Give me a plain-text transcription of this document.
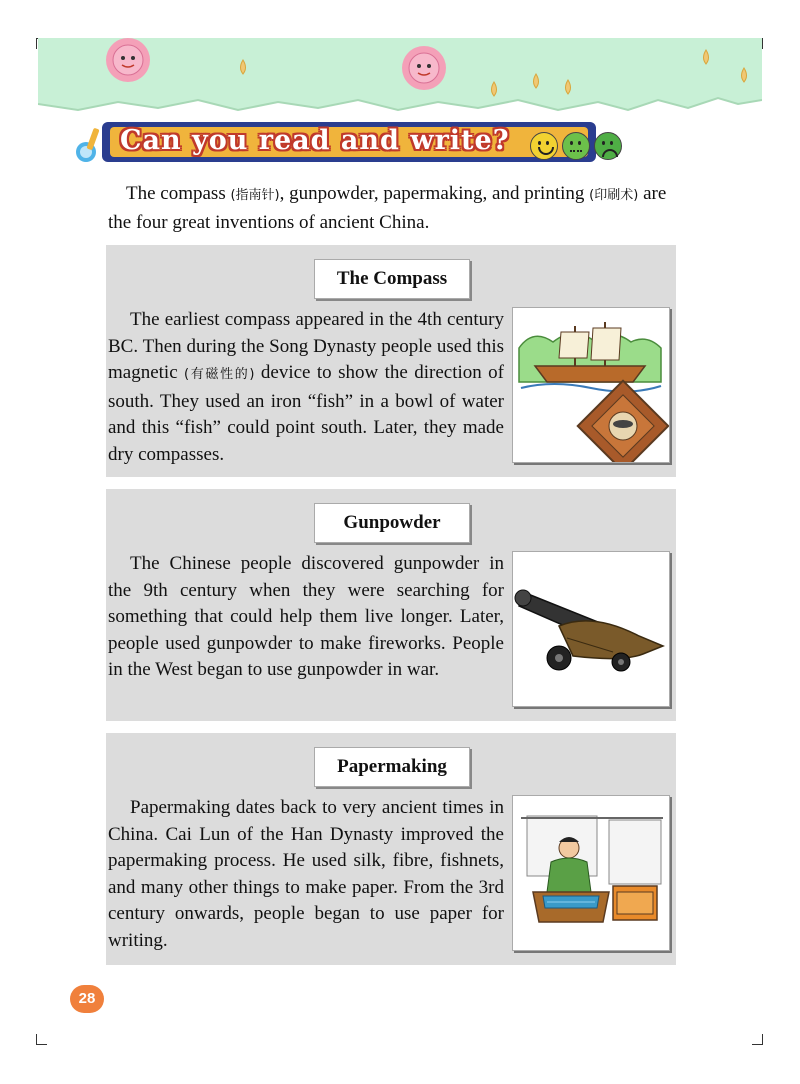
Can you read and write?

The compass (指南针), gunpowder, papermaking, and printing (印刷术) are the four great inventions of ancient China.

The Compass

The earliest compass appeared in the 4th century BC. Then during the Song Dynasty people used this magnetic (有磁性的) device to show the direction of south. They used an iron “fish” in a bowl of water and this “fish” could point south. Later, they made dry compasses.

Gunpowder

The Chinese people discovered gunpowder in the 9th century when they were searching for something that could help them live longer. Later, people used gunpowder to make fireworks. People in the West began to use gunpowder in war.

Papermaking

Papermaking dates back to very ancient times in China. Cai Lun of the Han Dynasty improved the papermaking process. He used silk, fibre, fishnets, and many other things to make paper. From the 3rd century onwards, people began to use paper for writing.

28
